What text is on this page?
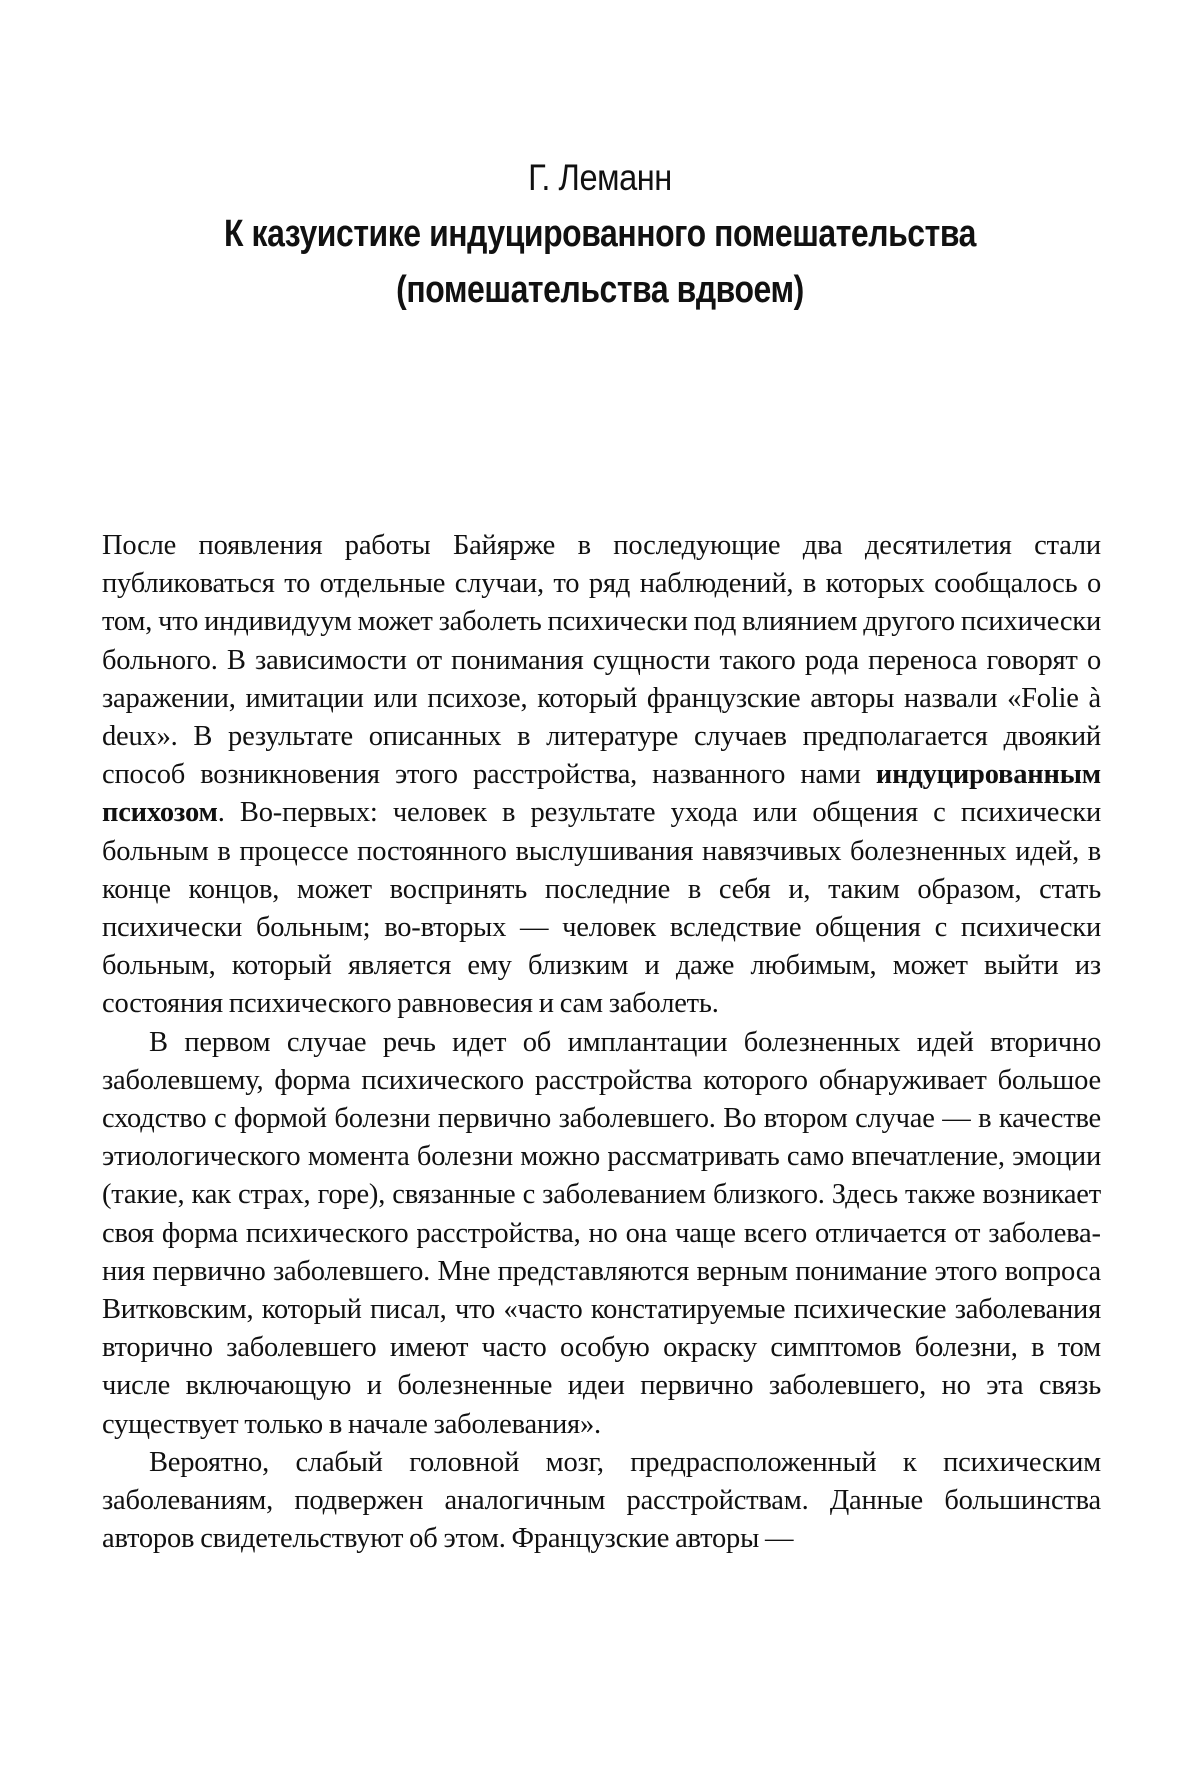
Г. Леманн
К казуистике индуцированного помешательства
(помешательства вдвоем)

После появления работы Байярже в последующие два десятилетия стали публиковаться то отдельные случаи, то ряд наблюдений, в которых сообщалось о том, что индивидуум может заболеть психически под влиянием другого психически больного. В зависимости от понимания сущности такого рода переноса говорят о заражении, имитации или психозе, который французские авторы назвали «Folie à deux». В результате описанных в литературе случаев предполагается двоякий способ возникновения этого расстройства, названного нами индуцированным психозом. Во-первых: человек в результате ухода или общения с психически больным в процессе постоянного выслушивания навязчивых болезненных идей, в конце концов, может воспринять последние в себя и, таким образом, стать психически больным; во-вторых — человек вследствие общения с психически больным, который является ему близким и даже любимым, может выйти из состояния психического равновесия и сам заболеть.

В первом случае речь идет об имплантации болезненных идей вторично заболевшему, форма психического расстройства которого обнаруживает большое сходство с формой болезни первично заболевшего. Во втором случае — в качестве этиологического момента болезни можно рассматривать само впечатление, эмоции (такие, как страх, горе), связанные с заболеванием близкого. Здесь также возникает своя форма психического расстройства, но она чаще всего отличается от заболевания первично заболевшего. Мне представляются верным понимание этого вопроса Витковским, который писал, что «часто констатируемые психические заболевания вторично заболевшего имеют часто особую окраску симптомов болезни, в том числе включающую и болезненные идеи первично заболевшего, но эта связь существует только в начале заболевания».

Вероятно, слабый головной мозг, предрасположенный к психическим заболеваниям, подвержен аналогичным расстройствам. Данные большинства авторов свидетельствуют об этом. Французские авторы —
